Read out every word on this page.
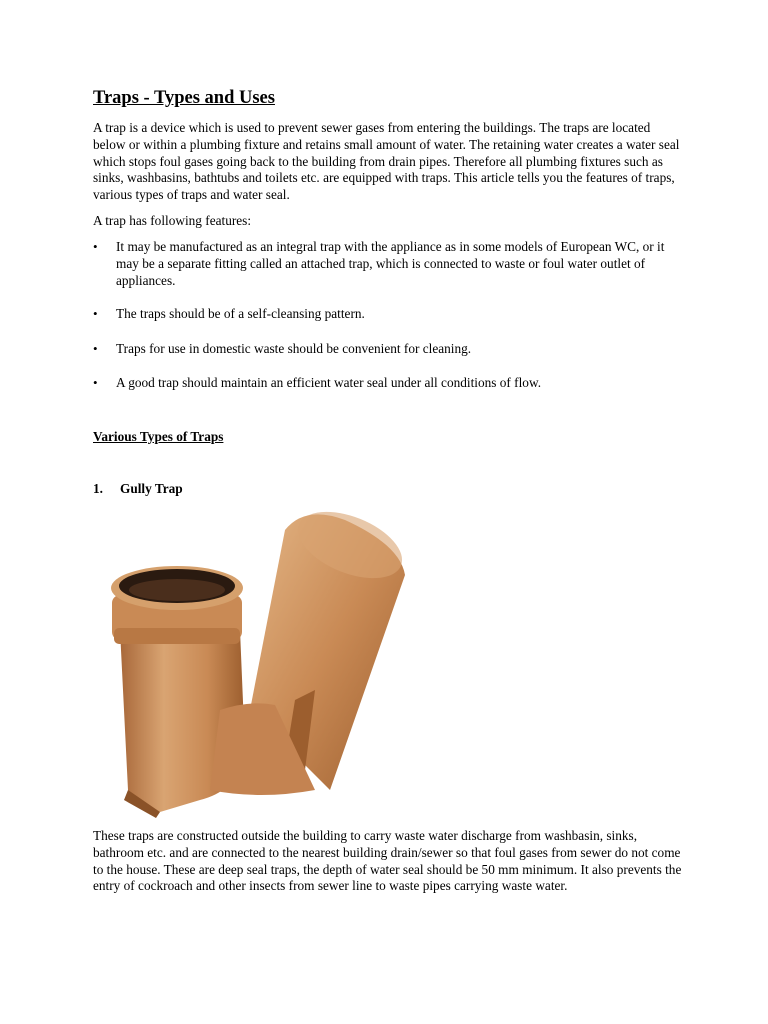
Traps - Types and Uses

A trap is a device which is used to prevent sewer gases from entering the buildings. The traps are located below or within a plumbing fixture and retains small amount of water. The retaining water creates a water seal which stops foul gases going back to the building from drain pipes. Therefore all plumbing fixtures such as sinks, washbasins, bathtubs and toilets etc. are equipped with traps. This article tells you the features of traps, various types of traps and water seal.

A trap has following features:

•	It may be manufactured as an integral trap with the appliance as in some models of European WC, or it may be a separate fitting called an attached trap, which is connected to waste or foul water outlet of appliances.
•	The traps should be of a self-cleansing pattern.
•	Traps for use in domestic waste should be convenient for cleaning.
•	A good trap should maintain an efficient water seal under all conditions of flow.
Various Types of Traps
1. Gully Trap

These traps are constructed outside the building to carry waste water discharge from washbasin, sinks, bathroom etc. and are connected to the nearest building drain/sewer so that foul gases from sewer do not come to the house. These are deep seal traps, the depth of water seal should be 50 mm minimum. It also prevents the entry of cockroach and other insects from sewer line to waste pipes carrying waste water.
